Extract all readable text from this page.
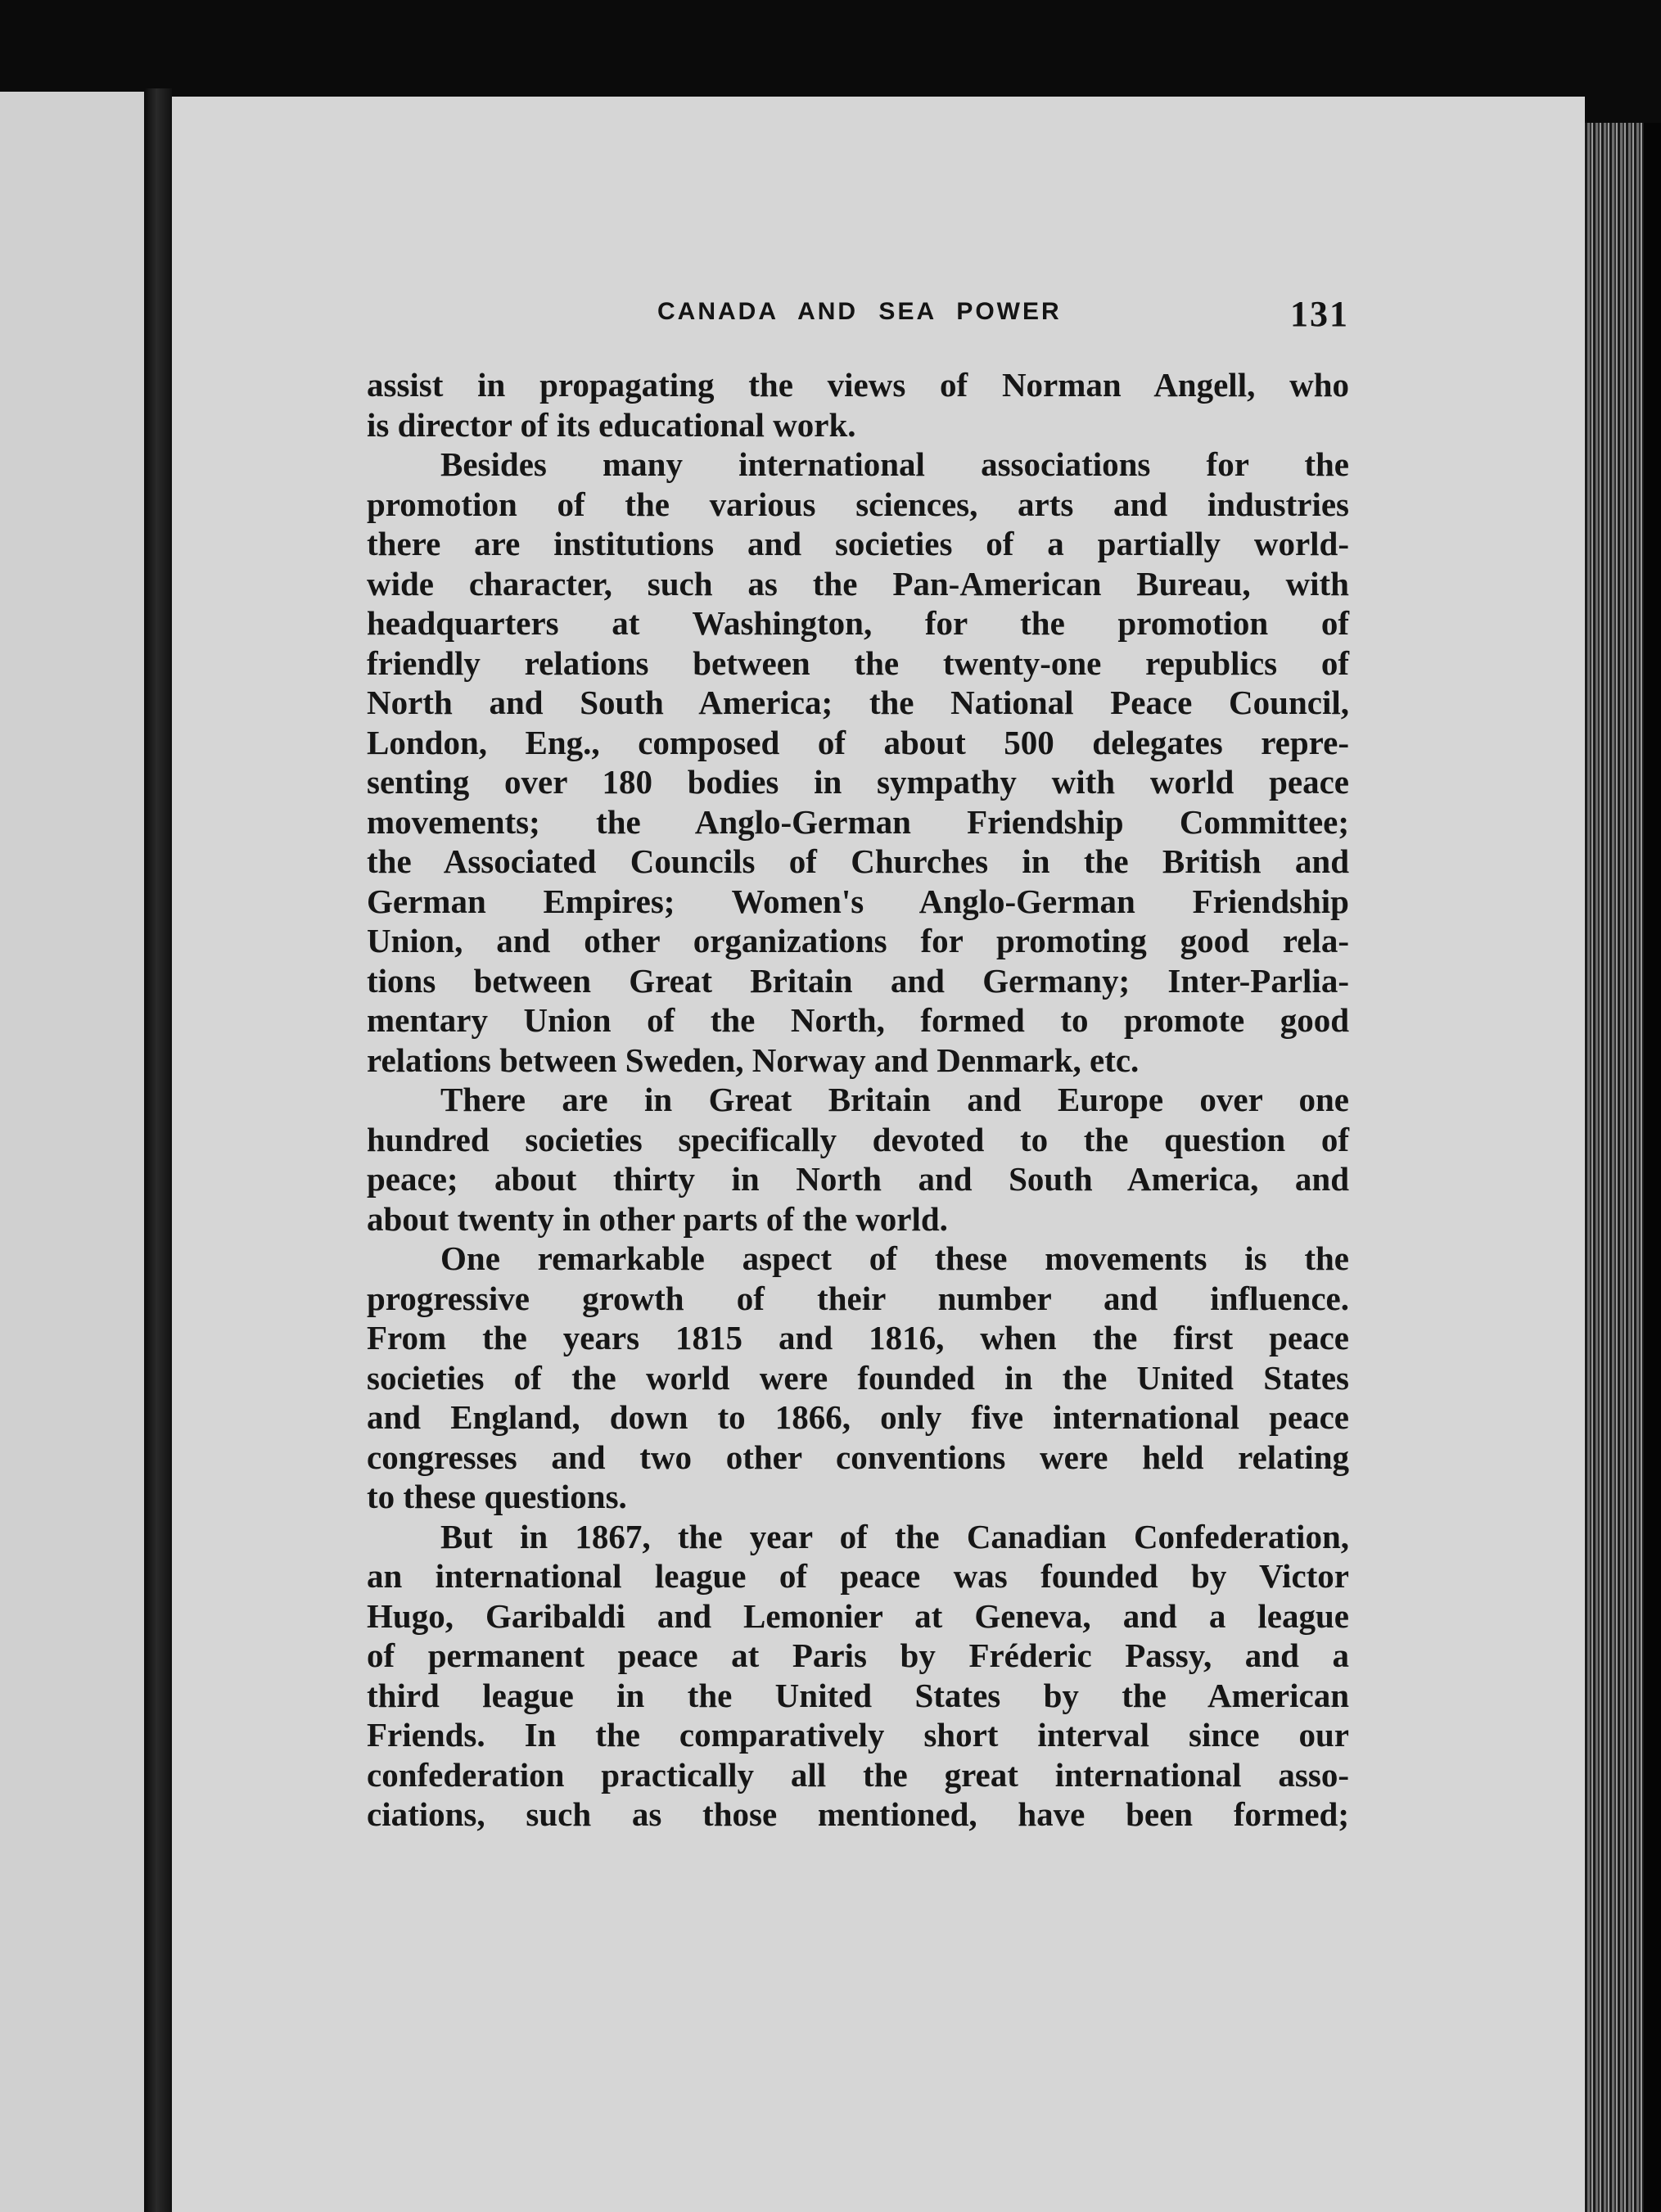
CANADA AND SEA POWER	131
assist in propagating the views of Norman Angell, who
is director of its educational work.
Besides many international associations for the
promotion of the various sciences, arts and industries
there are institutions and societies of a partially world-
wide character, such as the Pan-American Bureau, with
headquarters at Washington, for the promotion of
friendly relations between the twenty-one republics of
North and South America; the National Peace Council,
London, Eng., composed of about 500 delegates repre-
senting over 180 bodies in sympathy with world peace
movements; the Anglo-German Friendship Committee;
the Associated Councils of Churches in the British and
German Empires; Women's Anglo-German Friendship
Union, and other organizations for promoting good rela-
tions between Great Britain and Germany; Inter-Parlia-
mentary Union of the North, formed to promote good
relations between Sweden, Norway and Denmark, etc.
There are in Great Britain and Europe over one
hundred societies specifically devoted to the question of
peace; about thirty in North and South America, and
about twenty in other parts of the world.
One remarkable aspect of these movements is the
progressive growth of their number and influence.
From the years 1815 and 1816, when the first peace
societies of the world were founded in the United States
and England, down to 1866, only five international peace
congresses and two other conventions were held relating
to these questions.
But in 1867, the year of the Canadian Confederation,
an international league of peace was founded by Victor
Hugo, Garibaldi and Lemonier at Geneva, and a league
of permanent peace at Paris by Fréderic Passy, and a
third league in the United States by the American
Friends. In the comparatively short interval since our
confederation practically all the great international asso-
ciations, such as those mentioned, have been formed;
